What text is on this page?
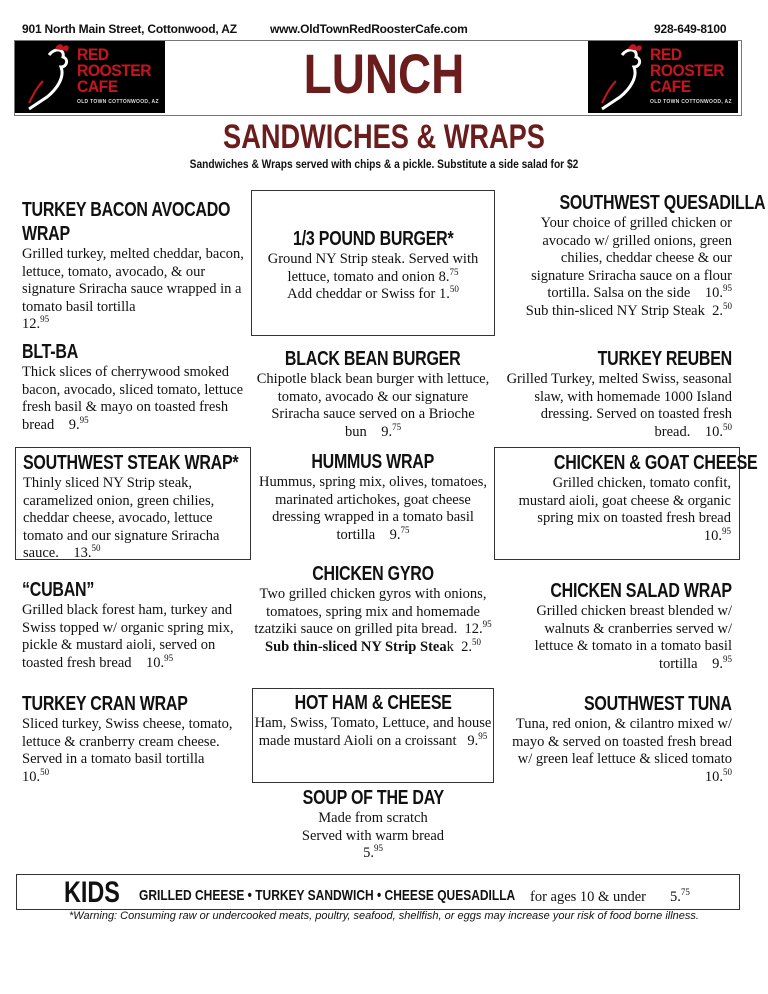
901 North Main Street, Cottonwood, AZ	www.OldTownRedRoosterCafe.com	928-649-8100
RED
ROOSTER
CAFE
OLD TOWN COTTONWOOD, AZ
RED
ROOSTER
CAFE
OLD TOWN COTTONWOOD, AZ
LUNCH
SANDWICHES & WRAPS
Sandwiches & Wraps served with chips & a pickle. Substitute a side salad for $2
TURKEY BACON AVOCADO
WRAP

Grilled turkey, melted cheddar, bacon, lettuce, tomato, avocado, & our signature Sriracha sauce wrapped in a tomato basil tortilla
12.95

1/3 POUND BURGER*

Ground NY Strip steak. Served with lettuce, tomato and onion 8.75
Add cheddar or Swiss for 1.50

SOUTHWEST QUESADILLA

Your choice of grilled chicken or avocado w/ grilled onions, green chilies, cheddar cheese & our signature Sriracha sauce on a flour tortilla. Salsa on the side 10.95
Sub thin-sliced NY Strip Steak 2.50

BLT-BA

Thick slices of cherrywood smoked bacon, avocado, sliced tomato, lettuce fresh basil & mayo on toasted fresh bread 9.95

BLACK BEAN BURGER

Chipotle black bean burger with lettuce, tomato, avocado & our signature Sriracha sauce served on a Brioche bun 9.75

TURKEY REUBEN

Grilled Turkey, melted Swiss, seasonal slaw, with homemade 1000 Island dressing. Served on toasted fresh bread. 10.50

SOUTHWEST STEAK WRAP*

Thinly sliced NY Strip steak, caramelized onion, green chilies, cheddar cheese, avocado, lettuce tomato and our signature Sriracha sauce. 13.50

HUMMUS WRAP

Hummus, spring mix, olives, tomatoes, marinated artichokes, goat cheese dressing wrapped in a tomato basil tortilla 9.75

CHICKEN & GOAT CHEESE

Grilled chicken, tomato confit, mustard aioli, goat cheese & organic spring mix on toasted fresh bread
10.95

“CUBAN”

Grilled black forest ham, turkey and Swiss topped w/ organic spring mix, pickle & mustard aioli, served on toasted fresh bread 10.95

CHICKEN GYRO

Two grilled chicken gyros with onions, tomatoes, spring mix and homemade tzatziki sauce on grilled pita bread. 12.95
Sub thin-sliced NY Strip Steak 2.50

CHICKEN SALAD WRAP

Grilled chicken breast blended w/ walnuts & cranberries served w/ lettuce & tomato in a tomato basil tortilla 9.95

TURKEY CRAN WRAP

Sliced turkey, Swiss cheese, tomato, lettuce & cranberry cream cheese. Served in a tomato basil tortilla
10.50

HOT HAM & CHEESE

Ham, Swiss, Tomato, Lettuce, and house made mustard Aioli on a croissant 9.95

SOUTHWEST TUNA

Tuna, red onion, & cilantro mixed w/ mayo & served on toasted fresh bread w/ green leaf lettuce & sliced tomato
10.50

SOUP OF THE DAY

Made from scratch
Served with warm bread
5.95

KIDS GRILLED CHEESE • TURKEY SANDWICH • CHEESE QUESADILLA for ages 10 & under 5.75
*Warning: Consuming raw or undercooked meats, poultry, seafood, shellfish, or eggs may increase your risk of food borne illness.
